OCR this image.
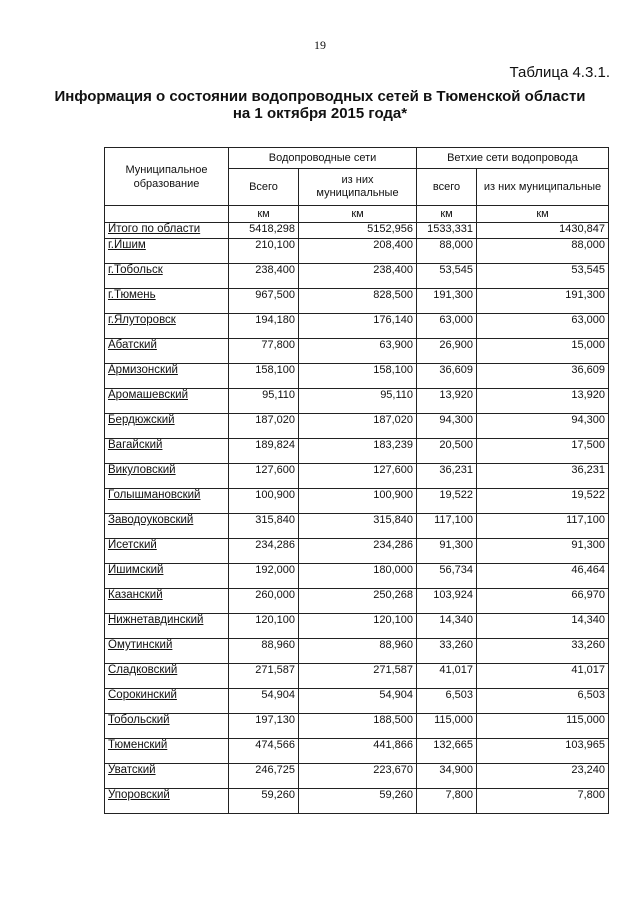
19
Таблица 4.3.1.
Информация о состоянии водопроводных сетей в Тюменской области
на 1 октября 2015 года*
Муниципальное образование	Водопроводные сети		Ветхие сети водопровода	
	Всего	из них муниципальные	всего	из них муниципальные
	км	км	км	км
Итого по области	5418,298	5152,956	1533,331	1430,847
г.Ишим	210,100	208,400	88,000	88,000
г.Тобольск	238,400	238,400	53,545	53,545
г.Тюмень	967,500	828,500	191,300	191,300
г.Ялуторовск	194,180	176,140	63,000	63,000
Абатский	77,800	63,900	26,900	15,000
Армизонский	158,100	158,100	36,609	36,609
Аромашевский	95,110	95,110	13,920	13,920
Бердюжский	187,020	187,020	94,300	94,300
Вагайский	189,824	183,239	20,500	17,500
Викуловский	127,600	127,600	36,231	36,231
Голышмановский	100,900	100,900	19,522	19,522
Заводоуковский	315,840	315,840	117,100	117,100
Исетский	234,286	234,286	91,300	91,300
Ишимский	192,000	180,000	56,734	46,464
Казанский	260,000	250,268	103,924	66,970
Нижнетавдинский	120,100	120,100	14,340	14,340
Омутинский	88,960	88,960	33,260	33,260
Сладковский	271,587	271,587	41,017	41,017
Сорокинский	54,904	54,904	6,503	6,503
Тобольский	197,130	188,500	115,000	115,000
Тюменский	474,566	441,866	132,665	103,965
Уватский	246,725	223,670	34,900	23,240
Упоровский	59,260	59,260	7,800	7,800
